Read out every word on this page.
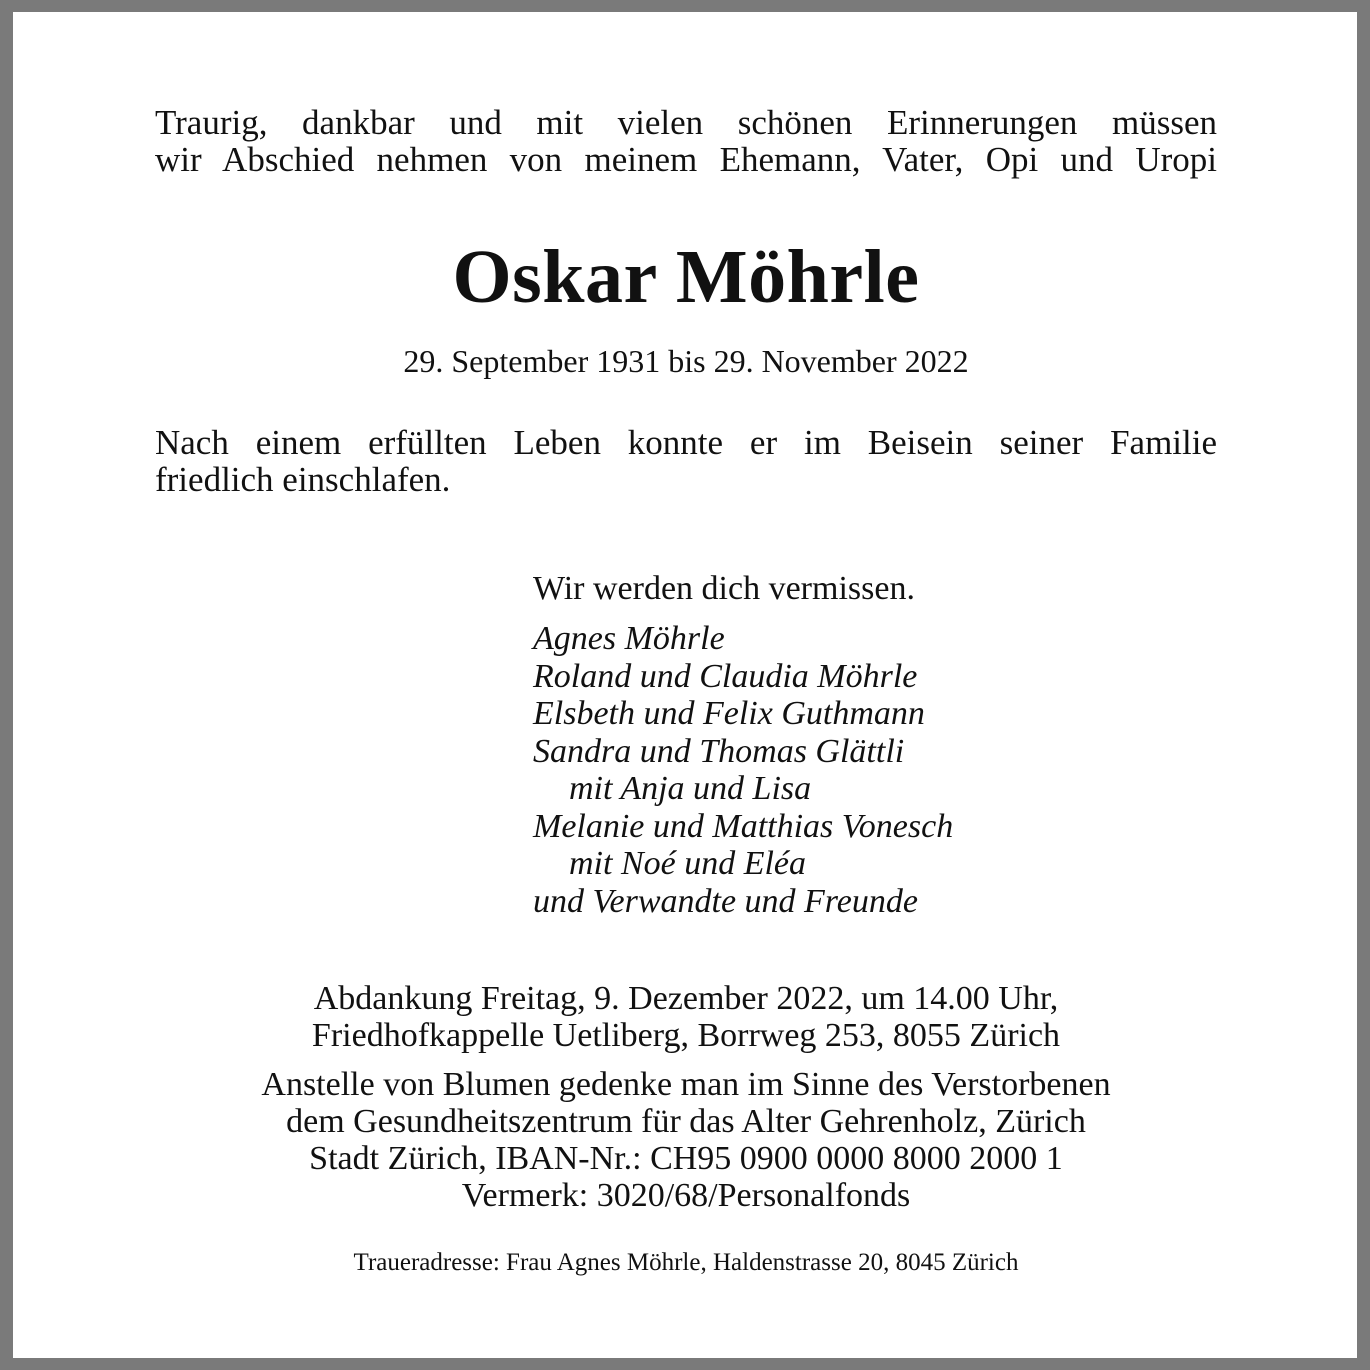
Traurig, dankbar und mit vielen schönen Erinnerungen müssen
wir Abschied nehmen von meinem Ehemann, Vater, Opi und Uropi
Oskar Möhrle
29. September 1931 bis 29. November 2022
Nach einem erfüllten Leben konnte er im Beisein seiner Familie
friedlich einschlafen.
Wir werden dich vermissen.
Agnes Möhrle
Roland und Claudia Möhrle
Elsbeth und Felix Guthmann
Sandra und Thomas Glättli
mit Anja und Lisa
Melanie und Matthias Vonesch
mit Noé und Eléa
und Verwandte und Freunde
Abdankung Freitag, 9. Dezember 2022, um 14.00 Uhr,
Friedhofkappelle Uetliberg, Borrweg 253, 8055 Zürich
Anstelle von Blumen gedenke man im Sinne des Verstorbenen
dem Gesundheitszentrum für das Alter Gehrenholz, Zürich
Stadt Zürich, IBAN-Nr.: CH95 0900 0000 8000 2000 1
Vermerk: 3020/68/Personalfonds
Traueradresse: Frau Agnes Möhrle, Haldenstrasse 20, 8045 Zürich
